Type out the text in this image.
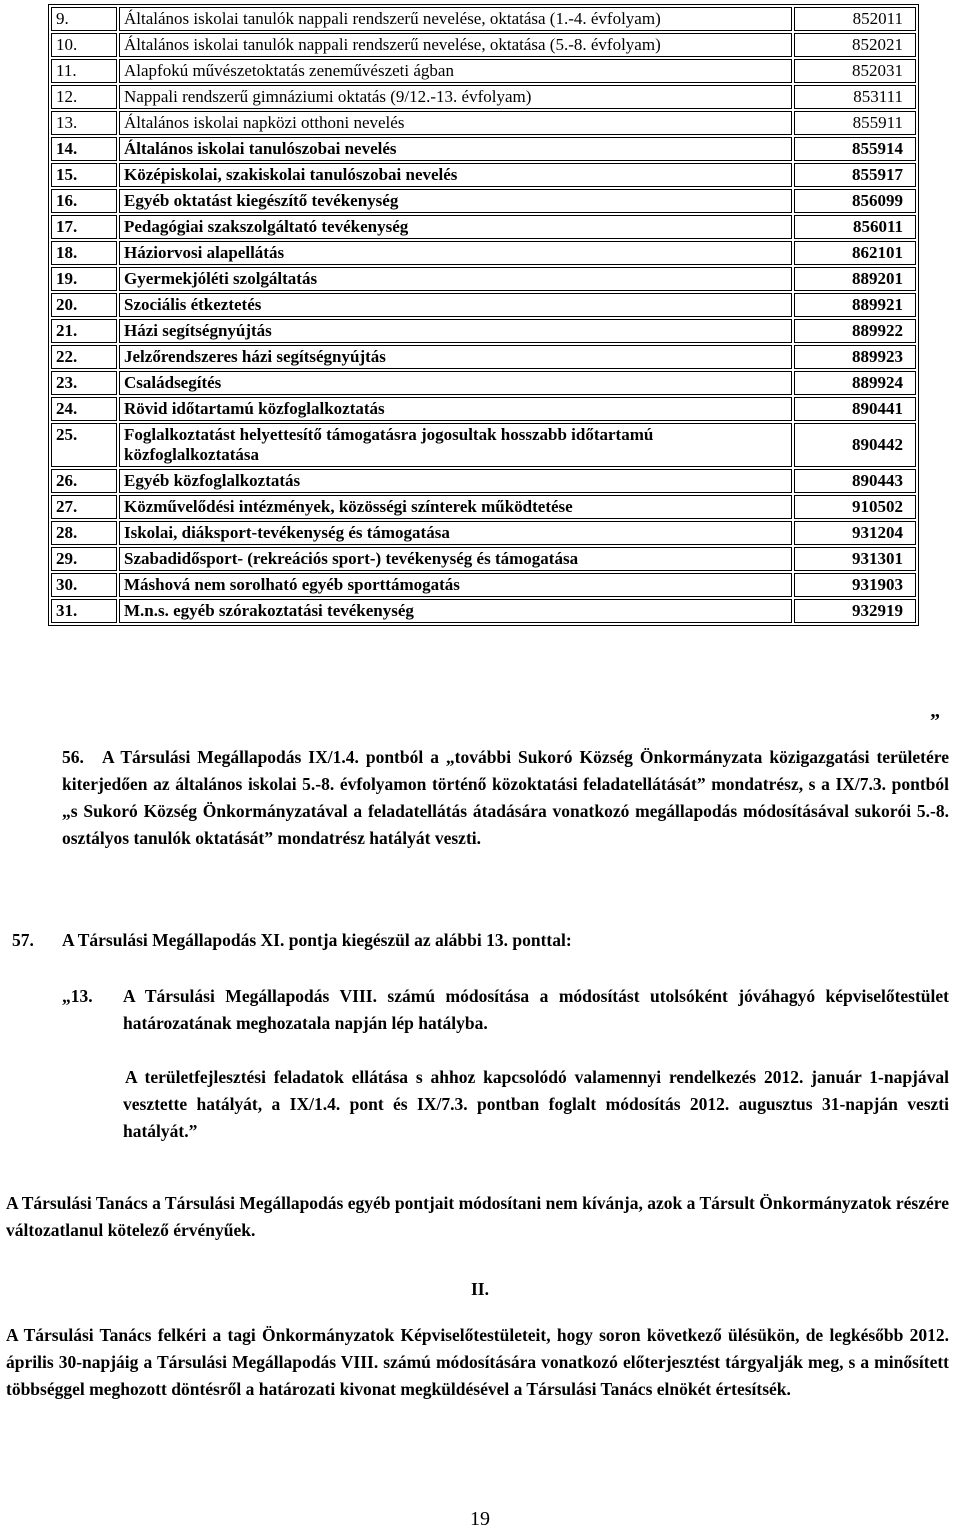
9.	Általános iskolai tanulók nappali rendszerű nevelése, oktatása (1.-4. évfolyam)	852011
10.	Általános iskolai tanulók nappali rendszerű nevelése, oktatása (5.-8. évfolyam)	852021
11.	Alapfokú művészetoktatás zeneművészeti ágban	852031
12.	Nappali rendszerű gimnáziumi oktatás (9/12.-13. évfolyam)	853111
13.	Általános iskolai napközi otthoni nevelés	855911
14.	Általános iskolai tanulószobai nevelés	855914
15.	Középiskolai, szakiskolai tanulószobai nevelés	855917
16.	Egyéb oktatást kiegészítő tevékenység	856099
17.	Pedagógiai szakszolgáltató tevékenység	856011
18.	Háziorvosi alapellátás	862101
19.	Gyermekjóléti szolgáltatás	889201
20.	Szociális étkeztetés	889921
21.	Házi segítségnyújtás	889922
22.	Jelzőrendszeres házi segítségnyújtás	889923
23.	Családsegítés	889924
24.	Rövid időtartamú közfoglalkoztatás	890441
25.	Foglalkoztatást helyettesítő támogatásra jogosultak hosszabb időtartamú közfoglalkoztatása	890442
26.	Egyéb közfoglalkoztatás	890443
27.	Közművelődési intézmények, közösségi színterek működtetése	910502
28.	Iskolai, diáksport-tevékenység és támogatása	931204
29.	Szabadidősport- (rekreációs sport-) tevékenység és támogatása	931301
30.	Máshová nem sorolható egyéb sporttámogatás	931903
31.	M.n.s. egyéb szórakoztatási tevékenység	932919
”
56.	A Társulási Megállapodás IX/1.4. pontból a „további Sukoró Község Önkormányzata közigazgatási területére kiterjedően az általános iskolai 5.-8. évfolyamon történő közoktatási feladatellátását” mondatrész, s a IX/7.3. pontból „s Sukoró Község Önkormányzatával a feladatellátás átadására vonatkozó megállapodás módosításával sukorói 5.-8. osztályos tanulók oktatását” mondatrész hatályát veszti.
57. A Társulási Megállapodás XI. pontja kiegészül az alábbi 13. ponttal:
„13. A Társulási Megállapodás VIII. számú módosítása a módosítást utolsóként jóváhagyó képviselőtestület határozatának meghozatala napján lép hatályba.
A területfejlesztési feladatok ellátása s ahhoz kapcsolódó valamennyi rendelkezés 2012. január 1-napjával vesztette hatályát, a IX/1.4. pont és IX/7.3. pontban foglalt módosítás 2012. augusztus 31-napján veszti hatályát.”
A Társulási Tanács a Társulási Megállapodás egyéb pontjait módosítani nem kívánja, azok a Társult Önkormányzatok részére változatlanul kötelező érvényűek.
II.
A Társulási Tanács felkéri a tagi Önkormányzatok Képviselőtestületeit, hogy soron következő ülésükön, de legkésőbb 2012. április 30-napjáig a Társulási Megállapodás VIII. számú módosítására vonatkozó előterjesztést tárgyalják meg, s a minősített többséggel meghozott döntésről a határozati kivonat megküldésével a Társulási Tanács elnökét értesítsék.
19
